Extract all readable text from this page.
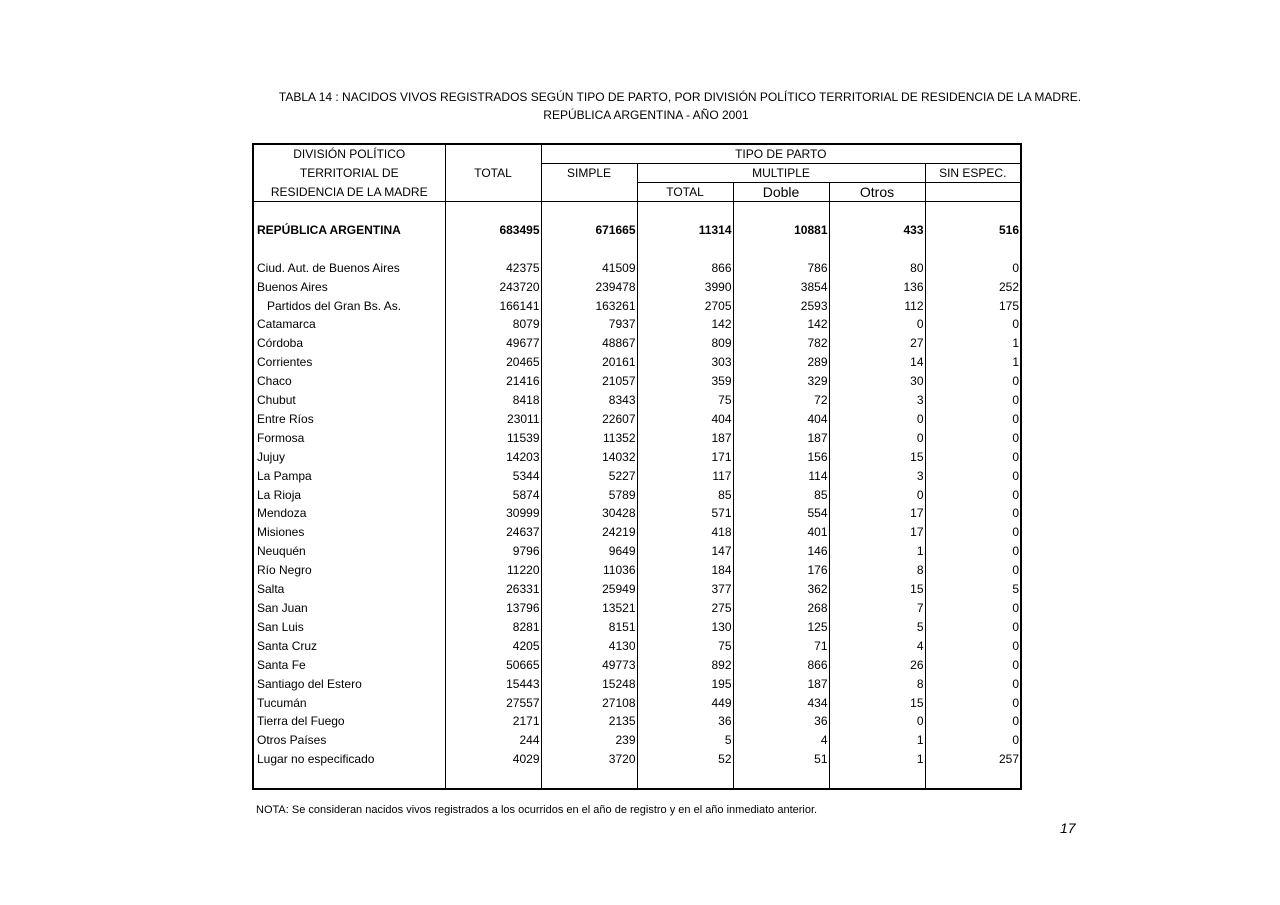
TABLA 14 : NACIDOS VIVOS REGISTRADOS SEGÚN TIPO DE PARTO, POR DIVISIÓN POLÍTICO TERRITORIAL DE RESIDENCIA DE LA MADRE.
REPÚBLICA ARGENTINA - AÑO 2001
DIVISIÓN POLÍTICO		TIPO DE PARTO				
TERRITORIAL DE	TOTAL	SIMPLE	MULTIPLE			SIN ESPEC.
RESIDENCIA DE LA MADRE			TOTAL	Doble	Otros	

REPÚBLICA ARGENTINA	683495	671665	11314	10881	433	516

Ciud. Aut. de Buenos Aires	42375	41509	866	786	80	0
Buenos Aires	243720	239478	3990	3854	136	252
Partidos del Gran Bs. As.	166141	163261	2705	2593	112	175
Catamarca	8079	7937	142	142	0	0
Córdoba	49677	48867	809	782	27	1
Corrientes	20465	20161	303	289	14	1
Chaco	21416	21057	359	329	30	0
Chubut	8418	8343	75	72	3	0
Entre Ríos	23011	22607	404	404	0	0
Formosa	11539	11352	187	187	0	0
Jujuy	14203	14032	171	156	15	0
La Pampa	5344	5227	117	114	3	0
La Rioja	5874	5789	85	85	0	0
Mendoza	30999	30428	571	554	17	0
Misiones	24637	24219	418	401	17	0
Neuquén	9796	9649	147	146	1	0
Río Negro	11220	11036	184	176	8	0
Salta	26331	25949	377	362	15	5
San Juan	13796	13521	275	268	7	0
San Luis	8281	8151	130	125	5	0
Santa Cruz	4205	4130	75	71	4	0
Santa Fe	50665	49773	892	866	26	0
Santiago del Estero	15443	15248	195	187	8	0
Tucumán	27557	27108	449	434	15	0
Tierra del Fuego	2171	2135	36	36	0	0
Otros Países	244	239	5	4	1	0
Lugar no especificado	4029	3720	52	51	1	257

NOTA: Se consideran nacidos vivos registrados a los ocurridos en el año de registro y en el año inmediato anterior.
17
